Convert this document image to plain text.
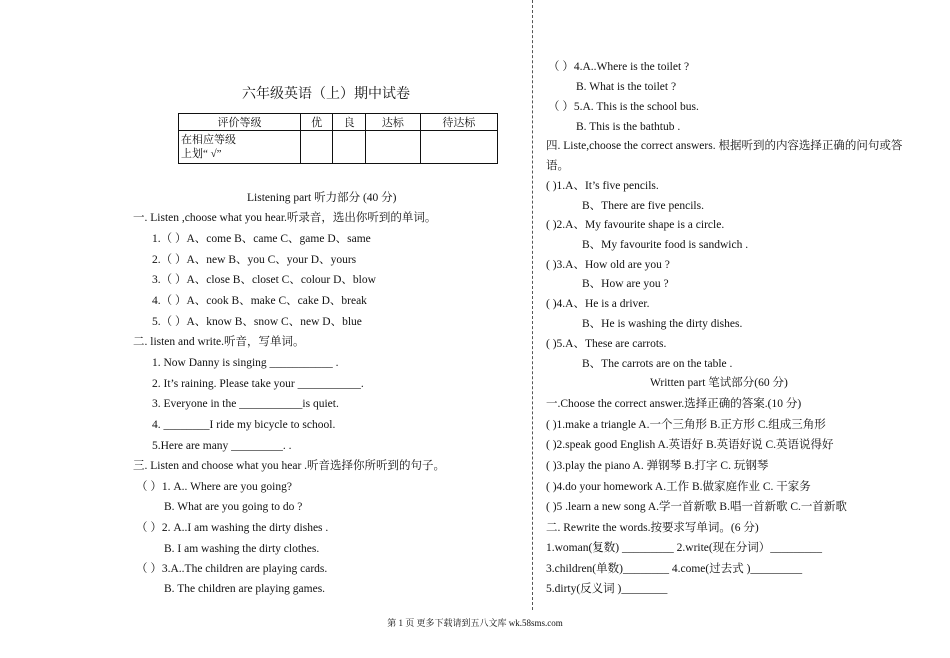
六年级英语（上）期中试卷
评价等级	优	良	达标	待达标

在相应等级
上划“ √”				

Listening part 听力部分 (40 分)
一. Listen ,choose what you hear.听录音，选出你听到的单词。
1.（ ）A、come B、came C、game D、same
2.（ ）A、new B、you C、your D、yours
3.（ ）A、close B、closet C、colour D、blow
4.（ ）A、cook B、make C、cake D、break
5.（ ）A、know B、snow C、new D、blue
二. listen and write.听音，写单词。
1. Now Danny is singing ___________ .
2. It’s raining. Please take your ___________.
3. Everyone in the ___________is quiet.
4. ________I ride my bicycle to school.
5.Here are many _________. .
三. Listen and choose what you hear .听音选择你所听到的句子。
（ ）1. A.. Where are you going?
B. What are you going to do ?
（ ）2. A..I am washing the dirty dishes .
B. I am washing the dirty clothes.
（ ）3.A..The children are playing cards.
B. The children are playing games.
（ ）4.A..Where is the toilet ?
B. What is the toilet ?
（ ）5.A. This is the school bus.
B. This is the bathtub .
四. Liste,choose the correct answers. 根据听到的内容选择正确的问句或答
语。
( )1.A、It’s five pencils.
B、There are five pencils.
( )2.A、My favourite shape is a circle.
B、My favourite food is sandwich .
( )3.A、How old are you ?
B、How are you ?
( )4.A、He is a driver.
B、He is washing the dirty dishes.
( )5.A、These are carrots.
B、The carrots are on the table .
Written part 笔试部分(60 分)
一.Choose the correct answer.选择正确的答案.(10 分)
( )1.make a triangle A.一个三角形 B.正方形 C.组成三角形
( )2.speak good English A.英语好 B.英语好说 C.英语说得好
( )3.play the piano A. 弹钢琴 B.打字 C. 玩钢琴
( )4.do your homework A.工作 B.做家庭作业 C. 干家务
( )5 .learn a new song A.学一首新歌 B.唱一首新歌 C.一首新歌
二. Rewrite the words.按要求写单词。(6 分)
1.woman(复数) _________ 2.write(现在分词）_________
3.children(单数)________ 4.come(过去式 )_________
5.dirty(反义词 )________
第 1 页 更多下载请到五八文库 wk.58sms.com
